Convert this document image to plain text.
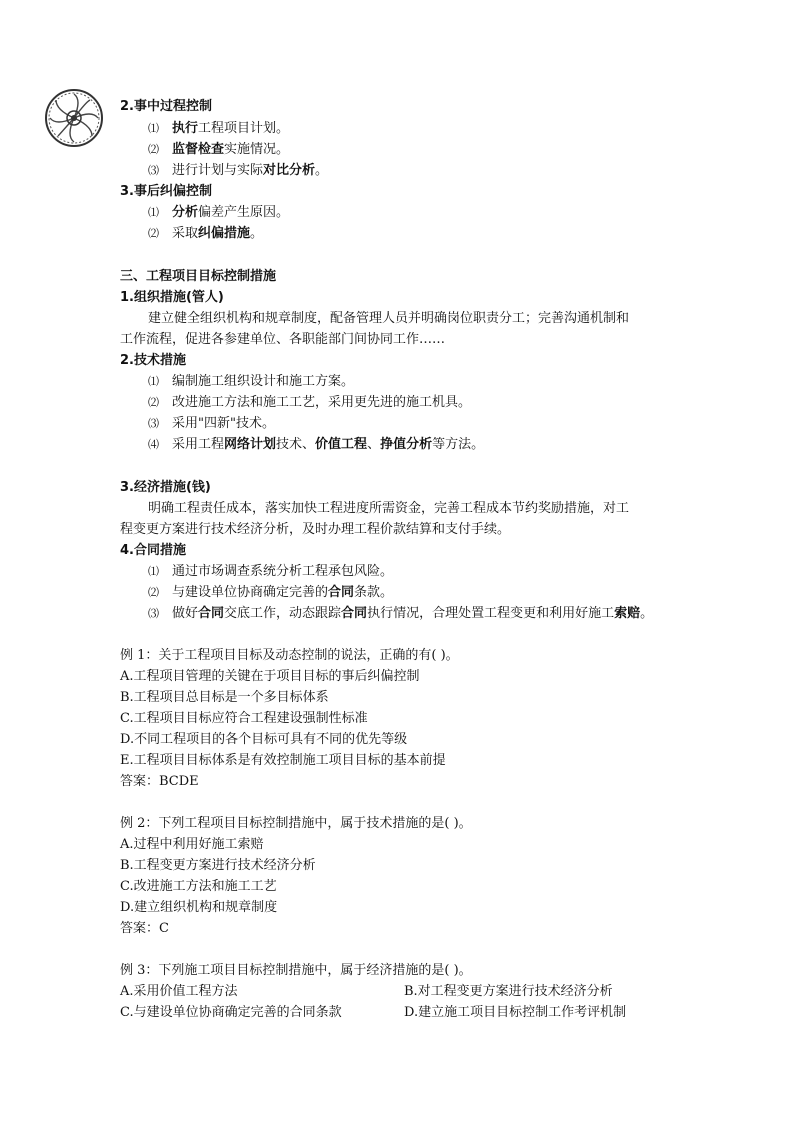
2.事中过程控制
⑴ 执行工程项目计划。
⑵ 监督检查实施情况。
⑶ 进行计划与实际对比分析。
3.事后纠偏控制
⑴ 分析偏差产生原因。
⑵ 采取纠偏措施。
三、工程项目目标控制措施
1.组织措施(管人)
建立健全组织机构和规章制度，配备管理人员并明确岗位职责分工；完善沟通机制和
工作流程，促进各参建单位、各职能部门间协同工作……
2.技术措施
⑴ 编制施工组织设计和施工方案。
⑵ 改进施工方法和施工工艺，采用更先进的施工机具。
⑶ 采用"四新"技术。
⑷ 采用工程网络计划技术、价值工程、挣值分析等方法。
3.经济措施(钱)
明确工程责任成本，落实加快工程进度所需资金，完善工程成本节约奖励措施，对工
程变更方案进行技术经济分析，及时办理工程价款结算和支付手续。
4.合同措施
⑴ 通过市场调查系统分析工程承包风险。
⑵ 与建设单位协商确定完善的合同条款。
⑶ 做好合同交底工作，动态跟踪合同执行情况，合理处置工程变更和利用好施工索赔。
例 1：关于工程项目目标及动态控制的说法，正确的有( )。
A.工程项目管理的关键在于项目目标的事后纠偏控制
B.工程项目总目标是一个多目标体系
C.工程项目目标应符合工程建设强制性标准
D.不同工程项目的各个目标可具有不同的优先等级
E.工程项目目标体系是有效控制施工项目目标的基本前提
答案：BCDE
例 2：下列工程项目目标控制措施中，属于技术措施的是( )。
A.过程中利用好施工索赔
B.工程变更方案进行技术经济分析
C.改进施工方法和施工工艺
D.建立组织机构和规章制度
答案：C
例 3：下列施工项目目标控制措施中，属于经济措施的是( )。
A.采用价值工程方法	B.对工程变更方案进行技术经济分析
C.与建设单位协商确定完善的合同条款	D.建立施工项目目标控制工作考评机制
